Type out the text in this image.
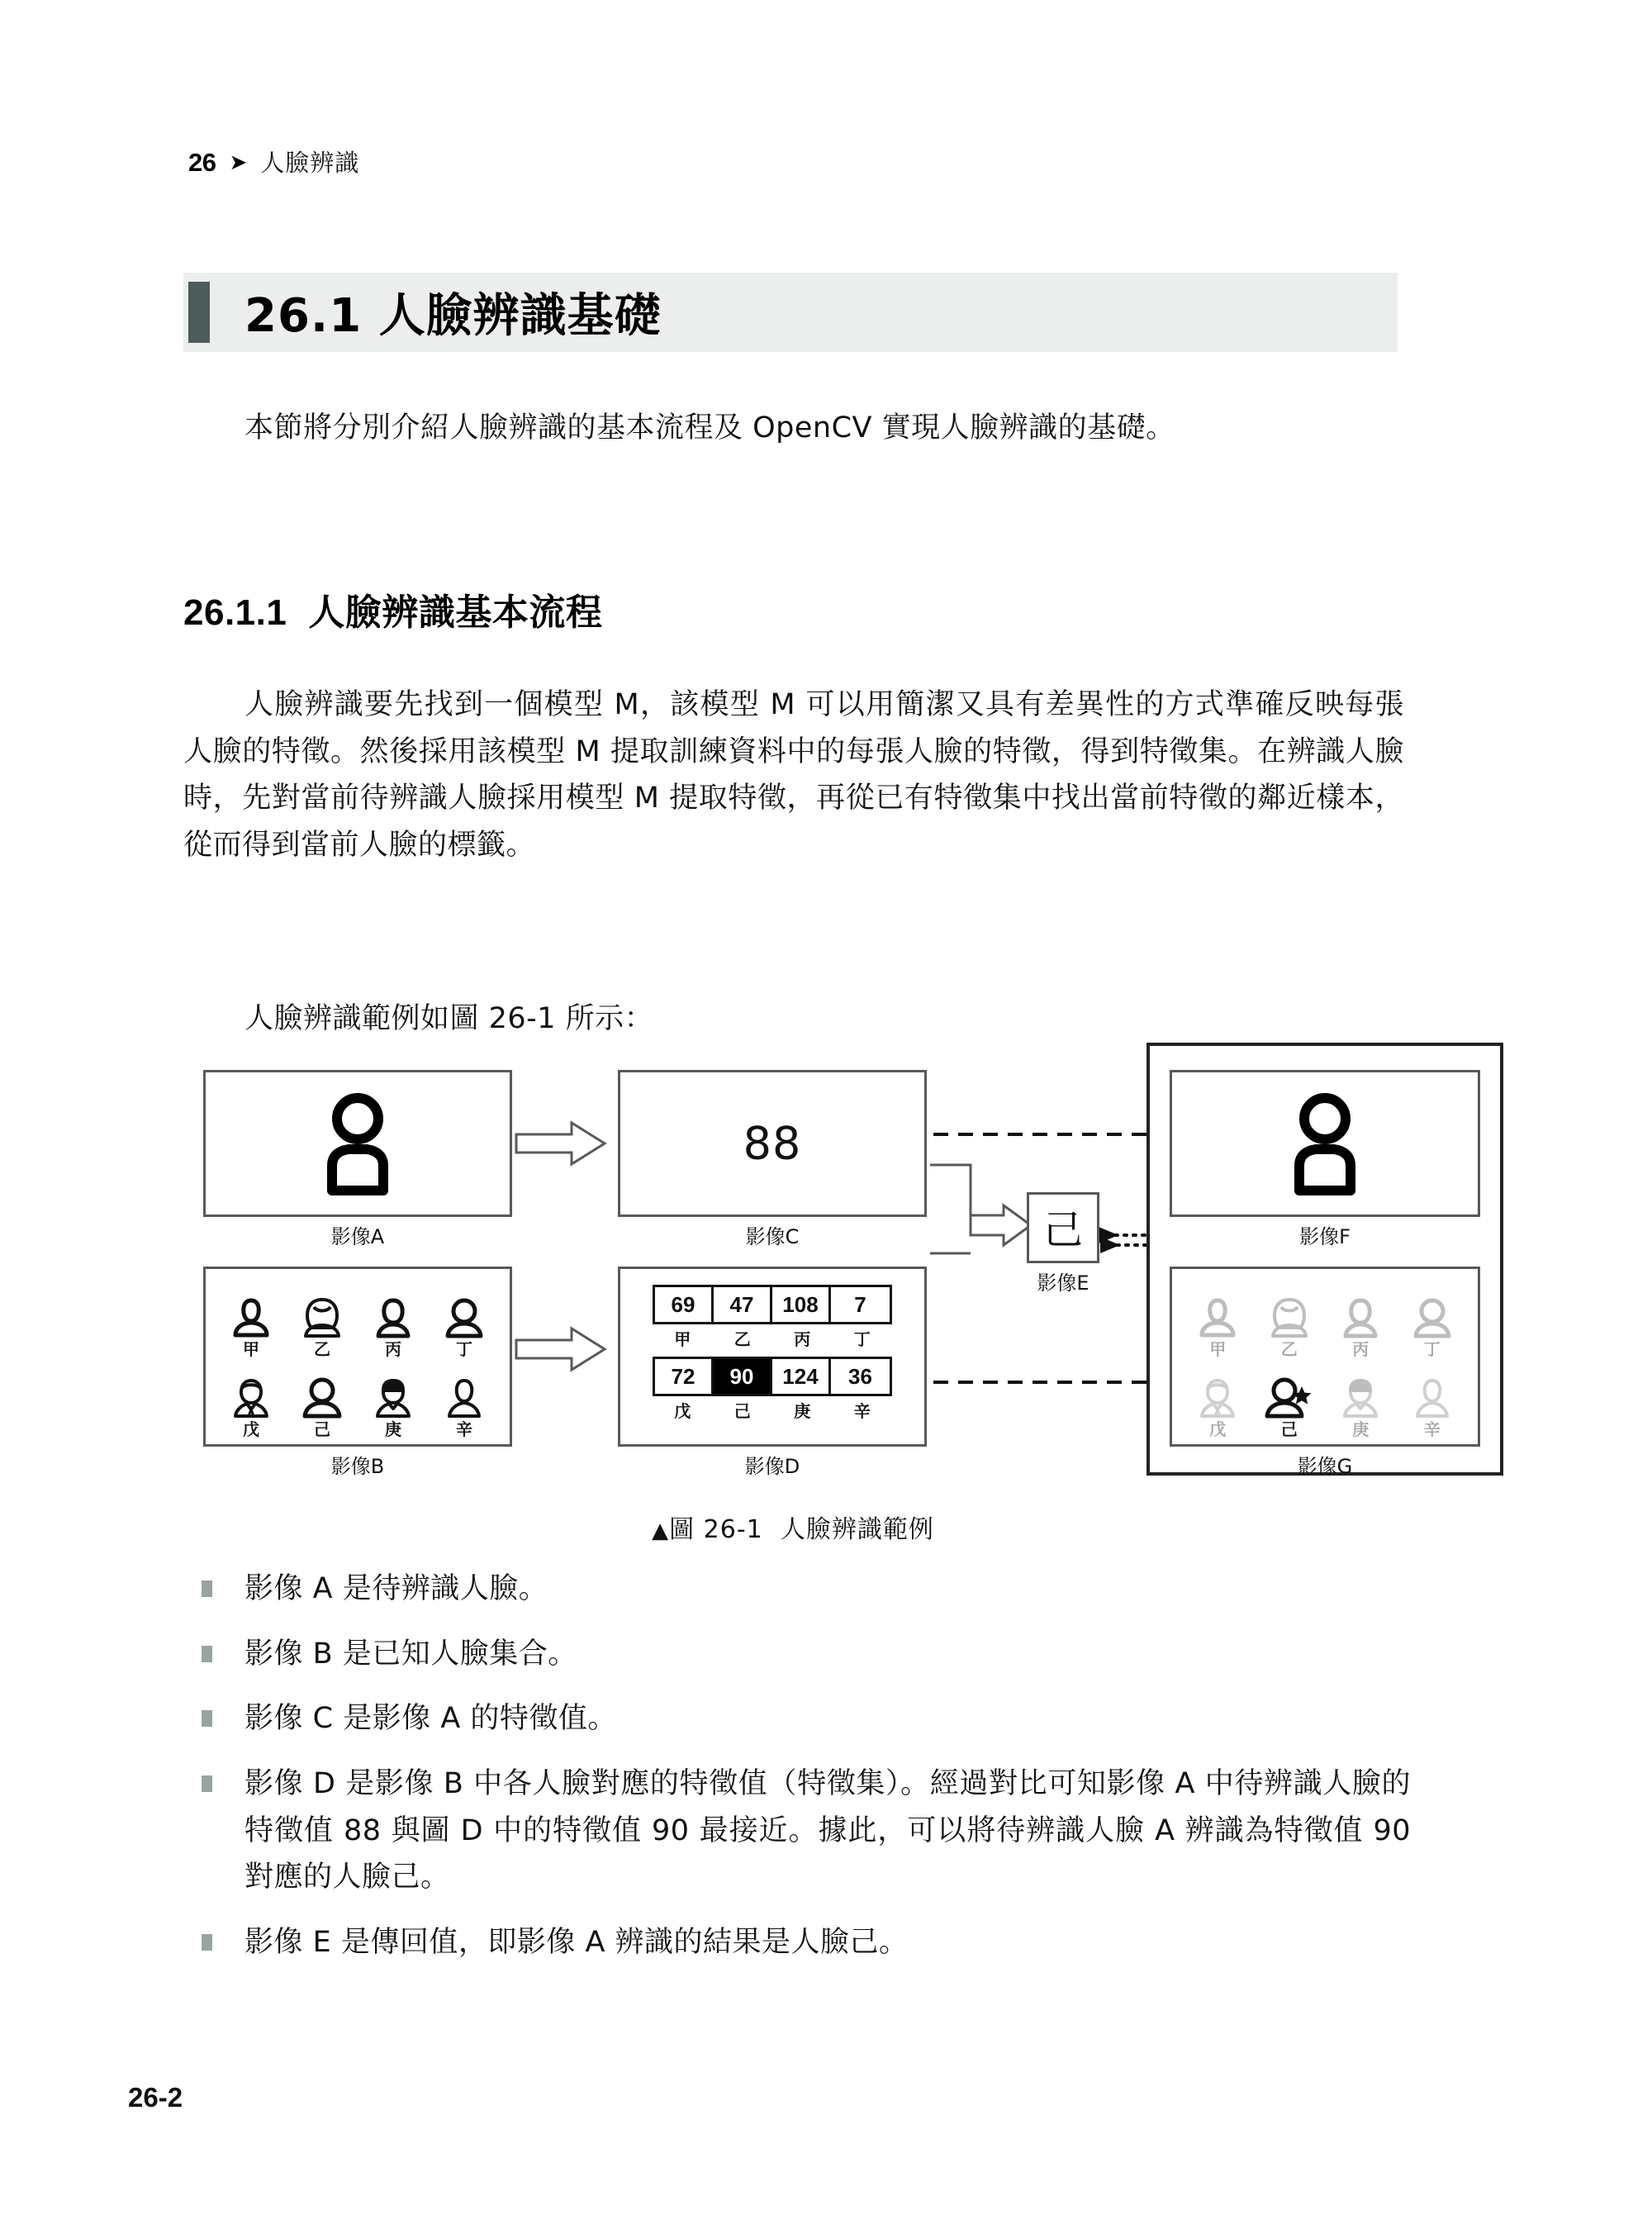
26 ➤ 人臉辨識
26.1 人臉辨識基礎
本節將分別介紹人臉辨識的基本流程及 OpenCV 實現人臉辨識的基礎。
26.1.1 人臉辨識基本流程
人臉辨識要先找到一個模型 M，該模型 M 可以用簡潔又具有差異性的方式準確反映每張人臉的特徵。然後採用該模型 M 提取訓練資料中的每張人臉的特徵，得到特徵集。在辨識人臉時，先對當前待辨識人臉採用模型 M 提取特徵，再從已有特徵集中找出當前特徵的鄰近樣本，從而得到當前人臉的標籤。
人臉辨識範例如圖 26-1 所示：
影像A
甲	乙	丙	丁
戊	己	庚	辛
影像B
88
影像C
69	47	108	7
甲	乙	丙	丁
72	90	124	36
戊	己	庚	辛
影像D
己
影像E
影像F
甲	乙	丙	丁
戊	己	庚	辛
影像G
▲圖 26-1 人臉辨識範例
影像 A 是待辨識人臉。
影像 B 是已知人臉集合。
影像 C 是影像 A 的特徵值。
影像 D 是影像 B 中各人臉對應的特徵值（特徵集）。經過對比可知影像 A 中待辨識人臉的特徵值 88 與圖 D 中的特徵值 90 最接近。據此，可以將待辨識人臉 A 辨識為特徵值 90 對應的人臉己。
影像 E 是傳回值，即影像 A 辨識的結果是人臉己。
26-2
